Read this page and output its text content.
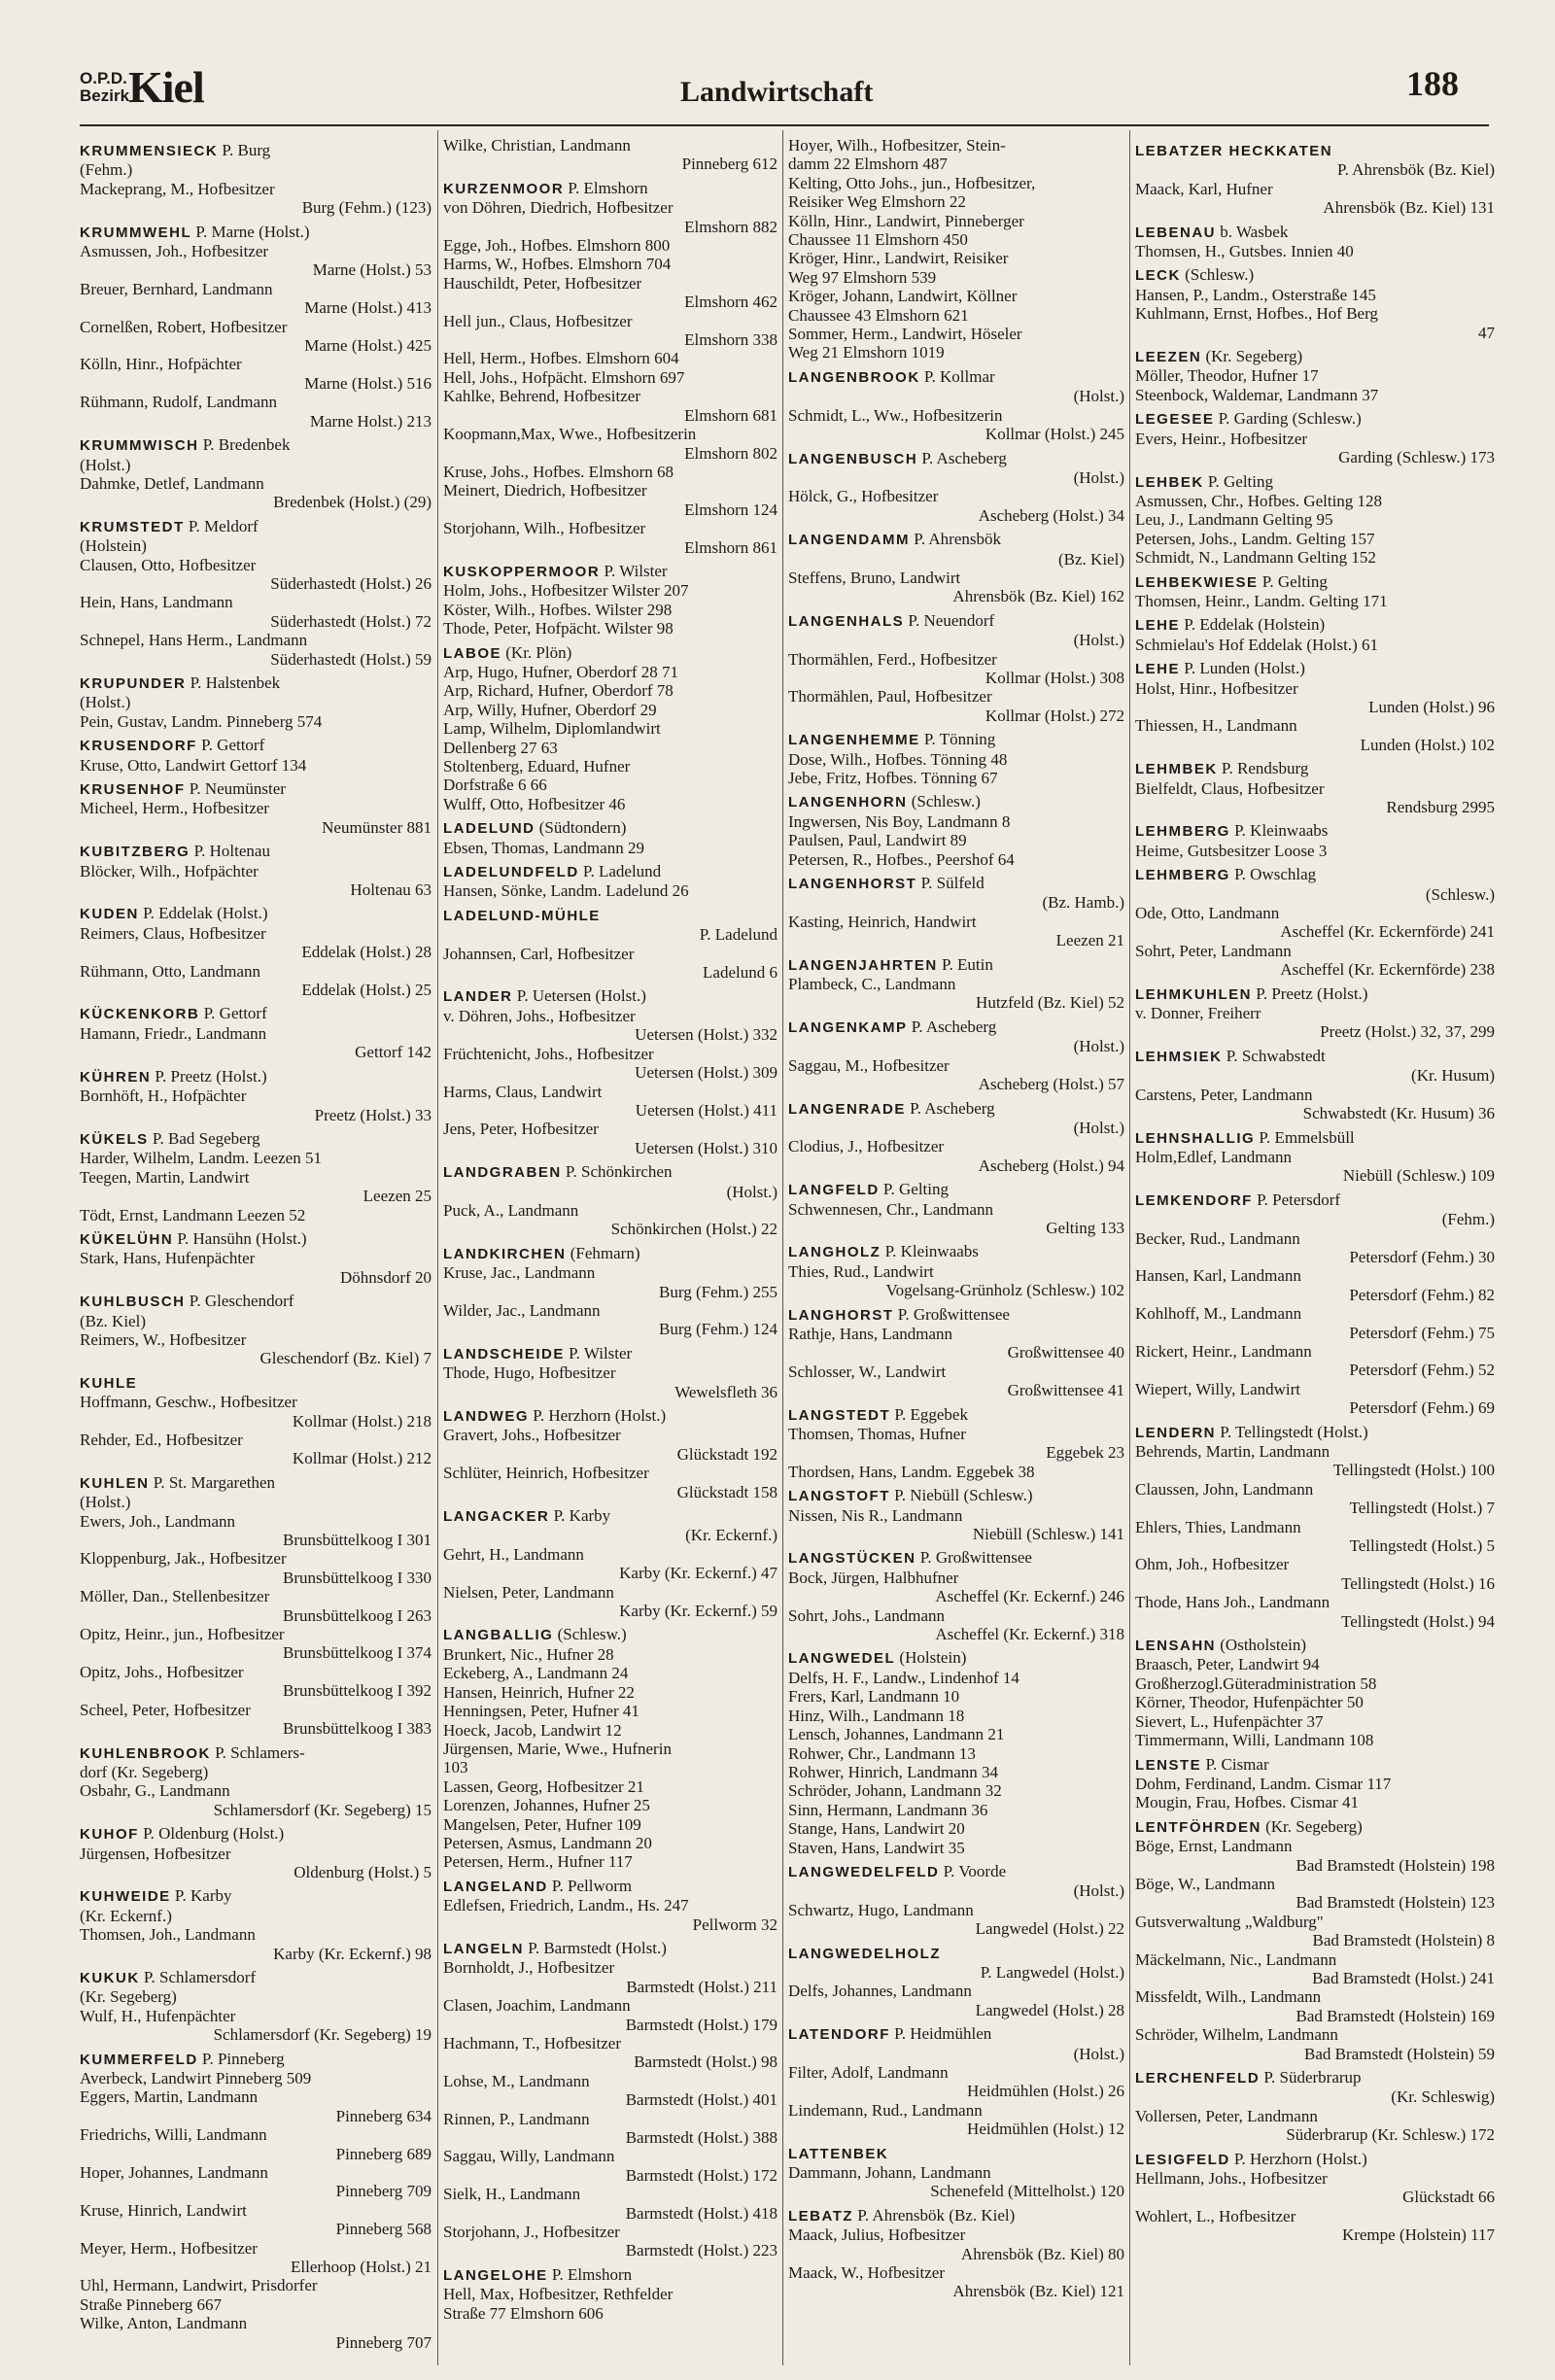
O.P.D.
Bezirk
Kiel	Landwirtschaft	188
KRUMMENSIECK P. Burg
(Fehm.)
Mackeprang, M., Hofbesitzer
Burg (Fehm.) (123)
KRUMMWEHL P. Marne (Holst.)
Asmussen, Joh., Hofbesitzer
Marne (Holst.) 53
Breuer, Bernhard, Landmann
Marne (Holst.) 413
Cornelßen, Robert, Hofbesitzer
Marne (Holst.) 425
Kölln, Hinr., Hofpächter
Marne (Holst.) 516
Rühmann, Rudolf, Landmann
Marne Holst.) 213
KRUMMWISCH P. Bredenbek
(Holst.)
Dahmke, Detlef, Landmann
Bredenbek (Holst.) (29)
KRUMSTEDT P. Meldorf
(Holstein)
Clausen, Otto, Hofbesitzer
Süderhastedt (Holst.) 26
Hein, Hans, Landmann
Süderhastedt (Holst.) 72
Schnepel, Hans Herm., Landmann
Süderhastedt (Holst.) 59
KRUPUNDER P. Halstenbek
(Holst.)
Pein, Gustav, Landm. Pinneberg 574
KRUSENDORF P. Gettorf
Kruse, Otto, Landwirt Gettorf 134
KRUSENHOF P. Neumünster
Micheel, Herm., Hofbesitzer
Neumünster 881
KUBITZBERG P. Holtenau
Blöcker, Wilh., Hofpächter
Holtenau 63
KUDEN P. Eddelak (Holst.)
Reimers, Claus, Hofbesitzer
Eddelak (Holst.) 28
Rühmann, Otto, Landmann
Eddelak (Holst.) 25
KÜCKENKORB P. Gettorf
Hamann, Friedr., Landmann
Gettorf 142
KÜHREN P. Preetz (Holst.)
Bornhöft, H., Hofpächter
Preetz (Holst.) 33
KÜKELS P. Bad Segeberg
Harder, Wilhelm, Landm. Leezen 51
Teegen, Martin, Landwirt
Leezen 25
Tödt, Ernst, Landmann Leezen 52
KÜKELÜHN P. Hansühn (Holst.)
Stark, Hans, Hufenpächter
Döhnsdorf 20
KUHLBUSCH P. Gleschendorf
(Bz. Kiel)
Reimers, W., Hofbesitzer
Gleschendorf (Bz. Kiel) 7
KUHLE
Hoffmann, Geschw., Hofbesitzer
Kollmar (Holst.) 218
Rehder, Ed., Hofbesitzer
Kollmar (Holst.) 212
KUHLEN P. St. Margarethen
(Holst.)
Ewers, Joh., Landmann
Brunsbüttelkoog I 301
Kloppenburg, Jak., Hofbesitzer
Brunsbüttelkoog I 330
Möller, Dan., Stellenbesitzer
Brunsbüttelkoog I 263
Opitz, Heinr., jun., Hofbesitzer
Brunsbüttelkoog I 374
Opitz, Johs., Hofbesitzer
Brunsbüttelkoog I 392
Scheel, Peter, Hofbesitzer
Brunsbüttelkoog I 383
KUHLENBROOK P. Schlamers-
dorf (Kr. Segeberg)
Osbahr, G., Landmann
Schlamersdorf (Kr. Segeberg) 15
KUHOF P. Oldenburg (Holst.)
Jürgensen, Hofbesitzer
Oldenburg (Holst.) 5
KUHWEIDE P. Karby
(Kr. Eckernf.)
Thomsen, Joh., Landmann
Karby (Kr. Eckernf.) 98
KUKUK P. Schlamersdorf
(Kr. Segeberg)
Wulf, H., Hufenpächter
Schlamersdorf (Kr. Segeberg) 19
KUMMERFELD P. Pinneberg
Averbeck, Landwirt Pinneberg 509
Eggers, Martin, Landmann
Pinneberg 634
Friedrichs, Willi, Landmann
Pinneberg 689
Hoper, Johannes, Landmann
Pinneberg 709
Kruse, Hinrich, Landwirt
Pinneberg 568
Meyer, Herm., Hofbesitzer
Ellerhoop (Holst.) 21
Uhl, Hermann, Landwirt, Prisdorfer
Straße Pinneberg 667
Wilke, Anton, Landmann
Pinneberg 707
Wilke, Christian, Landmann
Pinneberg 612
KURZENMOOR P. Elmshorn
von Döhren, Diedrich, Hofbesitzer
Elmshorn 882
Egge, Joh., Hofbes. Elmshorn 800
Harms, W., Hofbes. Elmshorn 704
Hauschildt, Peter, Hofbesitzer
Elmshorn 462
Hell jun., Claus, Hofbesitzer
Elmshorn 338
Hell, Herm., Hofbes. Elmshorn 604
Hell, Johs., Hofpächt. Elmshorn 697
Kahlke, Behrend, Hofbesitzer
Elmshorn 681
Koopmann,Max, Wwe., Hofbesitzerin
Elmshorn 802
Kruse, Johs., Hofbes. Elmshorn 68
Meinert, Diedrich, Hofbesitzer
Elmshorn 124
Storjohann, Wilh., Hofbesitzer
Elmshorn 861
KUSKOPPERMOOR P. Wilster
Holm, Johs., Hofbesitzer Wilster 207
Köster, Wilh., Hofbes. Wilster 298
Thode, Peter, Hofpächt. Wilster 98
LABOE (Kr. Plön)
Arp, Hugo, Hufner, Oberdorf 28 71
Arp, Richard, Hufner, Oberdorf 78
Arp, Willy, Hufner, Oberdorf 29
Lamp, Wilhelm, Diplomlandwirt
Dellenberg 27 63
Stoltenberg, Eduard, Hufner
Dorfstraße 6 66
Wulff, Otto, Hofbesitzer 46
LADELUND (Südtondern)
Ebsen, Thomas, Landmann 29
LADELUNDFELD P. Ladelund
Hansen, Sönke, Landm. Ladelund 26
LADELUND-MÜHLE
P. Ladelund
Johannsen, Carl, Hofbesitzer
Ladelund 6
LANDER P. Uetersen (Holst.)
v. Döhren, Johs., Hofbesitzer
Uetersen (Holst.) 332
Früchtenicht, Johs., Hofbesitzer
Uetersen (Holst.) 309
Harms, Claus, Landwirt
Uetersen (Holst.) 411
Jens, Peter, Hofbesitzer
Uetersen (Holst.) 310
LANDGRABEN P. Schönkirchen
(Holst.)
Puck, A., Landmann
Schönkirchen (Holst.) 22
LANDKIRCHEN (Fehmarn)
Kruse, Jac., Landmann
Burg (Fehm.) 255
Wilder, Jac., Landmann
Burg (Fehm.) 124
LANDSCHEIDE P. Wilster
Thode, Hugo, Hofbesitzer
Wewelsfleth 36
LANDWEG P. Herzhorn (Holst.)
Gravert, Johs., Hofbesitzer
Glückstadt 192
Schlüter, Heinrich, Hofbesitzer
Glückstadt 158
LANGACKER P. Karby
(Kr. Eckernf.)
Gehrt, H., Landmann
Karby (Kr. Eckernf.) 47
Nielsen, Peter, Landmann
Karby (Kr. Eckernf.) 59
LANGBALLIG (Schlesw.)
Brunkert, Nic., Hufner 28
Eckeberg, A., Landmann 24
Hansen, Heinrich, Hufner 22
Henningsen, Peter, Hufner 41
Hoeck, Jacob, Landwirt 12
Jürgensen, Marie, Wwe., Hufnerin
103
Lassen, Georg, Hofbesitzer 21
Lorenzen, Johannes, Hufner 25
Mangelsen, Peter, Hufner 109
Petersen, Asmus, Landmann 20
Petersen, Herm., Hufner 117
LANGELAND P. Pellworm
Edlefsen, Friedrich, Landm., Hs. 247
Pellworm 32
LANGELN P. Barmstedt (Holst.)
Bornholdt, J., Hofbesitzer
Barmstedt (Holst.) 211
Clasen, Joachim, Landmann
Barmstedt (Holst.) 179
Hachmann, T., Hofbesitzer
Barmstedt (Holst.) 98
Lohse, M., Landmann
Barmstedt (Holst.) 401
Rinnen, P., Landmann
Barmstedt (Holst.) 388
Saggau, Willy, Landmann
Barmstedt (Holst.) 172
Sielk, H., Landmann
Barmstedt (Holst.) 418
Storjohann, J., Hofbesitzer
Barmstedt (Holst.) 223
LANGELOHE P. Elmshorn
Hell, Max, Hofbesitzer, Rethfelder
Straße 77 Elmshorn 606
Hoyer, Wilh., Hofbesitzer, Stein-
damm 22 Elmshorn 487
Kelting, Otto Johs., jun., Hofbesitzer,
Reisiker Weg Elmshorn 22
Kölln, Hinr., Landwirt, Pinneberger
Chaussee 11 Elmshorn 450
Kröger, Hinr., Landwirt, Reisiker
Weg 97 Elmshorn 539
Kröger, Johann, Landwirt, Köllner
Chaussee 43 Elmshorn 621
Sommer, Herm., Landwirt, Höseler
Weg 21 Elmshorn 1019
LANGENBROOK P. Kollmar
(Holst.)
Schmidt, L., Ww., Hofbesitzerin
Kollmar (Holst.) 245
LANGENBUSCH P. Ascheberg
(Holst.)
Hölck, G., Hofbesitzer
Ascheberg (Holst.) 34
LANGENDAMM P. Ahrensbök
(Bz. Kiel)
Steffens, Bruno, Landwirt
Ahrensbök (Bz. Kiel) 162
LANGENHALS P. Neuendorf
(Holst.)
Thormählen, Ferd., Hofbesitzer
Kollmar (Holst.) 308
Thormählen, Paul, Hofbesitzer
Kollmar (Holst.) 272
LANGENHEMME P. Tönning
Dose, Wilh., Hofbes. Tönning 48
Jebe, Fritz, Hofbes. Tönning 67
LANGENHORN (Schlesw.)
Ingwersen, Nis Boy, Landmann 8
Paulsen, Paul, Landwirt 89
Petersen, R., Hofbes., Peershof 64
LANGENHORST P. Sülfeld
(Bz. Hamb.)
Kasting, Heinrich, Handwirt
Leezen 21
LANGENJAHRTEN P. Eutin
Plambeck, C., Landmann
Hutzfeld (Bz. Kiel) 52
LANGENKAMP P. Ascheberg
(Holst.)
Saggau, M., Hofbesitzer
Ascheberg (Holst.) 57
LANGENRADE P. Ascheberg
(Holst.)
Clodius, J., Hofbesitzer
Ascheberg (Holst.) 94
LANGFELD P. Gelting
Schwennesen, Chr., Landmann
Gelting 133
LANGHOLZ P. Kleinwaabs
Thies, Rud., Landwirt
Vogelsang-Grünholz (Schlesw.) 102
LANGHORST P. Großwittensee
Rathje, Hans, Landmann
Großwittensee 40
Schlosser, W., Landwirt
Großwittensee 41
LANGSTEDT P. Eggebek
Thomsen, Thomas, Hufner
Eggebek 23
Thordsen, Hans, Landm. Eggebek 38
LANGSTOFT P. Niebüll (Schlesw.)
Nissen, Nis R., Landmann
Niebüll (Schlesw.) 141
LANGSTÜCKEN P. Großwittensee
Bock, Jürgen, Halbhufner
Ascheffel (Kr. Eckernf.) 246
Sohrt, Johs., Landmann
Ascheffel (Kr. Eckernf.) 318
LANGWEDEL (Holstein)
Delfs, H. F., Landw., Lindenhof 14
Frers, Karl, Landmann 10
Hinz, Wilh., Landmann 18
Lensch, Johannes, Landmann 21
Rohwer, Chr., Landmann 13
Rohwer, Hinrich, Landmann 34
Schröder, Johann, Landmann 32
Sinn, Hermann, Landmann 36
Stange, Hans, Landwirt 20
Staven, Hans, Landwirt 35
LANGWEDELFELD P. Voorde
(Holst.)
Schwartz, Hugo, Landmann
Langwedel (Holst.) 22
LANGWEDELHOLZ
P. Langwedel (Holst.)
Delfs, Johannes, Landmann
Langwedel (Holst.) 28
LATENDORF P. Heidmühlen
(Holst.)
Filter, Adolf, Landmann
Heidmühlen (Holst.) 26
Lindemann, Rud., Landmann
Heidmühlen (Holst.) 12
LATTENBEK
Dammann, Johann, Landmann
Schenefeld (Mittelholst.) 120
LEBATZ P. Ahrensbök (Bz. Kiel)
Maack, Julius, Hofbesitzer
Ahrensbök (Bz. Kiel) 80
Maack, W., Hofbesitzer
Ahrensbök (Bz. Kiel) 121
LEBATZER HECKKATEN
P. Ahrensbök (Bz. Kiel)
Maack, Karl, Hufner
Ahrensbök (Bz. Kiel) 131
LEBENAU b. Wasbek
Thomsen, H., Gutsbes. Innien 40
LECK (Schlesw.)
Hansen, P., Landm., Osterstraße 145
Kuhlmann, Ernst, Hofbes., Hof Berg
47
LEEZEN (Kr. Segeberg)
Möller, Theodor, Hufner 17
Steenbock, Waldemar, Landmann 37
LEGESEE P. Garding (Schlesw.)
Evers, Heinr., Hofbesitzer
Garding (Schlesw.) 173
LEHBEK P. Gelting
Asmussen, Chr., Hofbes. Gelting 128
Leu, J., Landmann Gelting 95
Petersen, Johs., Landm. Gelting 157
Schmidt, N., Landmann Gelting 152
LEHBEKWIESE P. Gelting
Thomsen, Heinr., Landm. Gelting 171
LEHE P. Eddelak (Holstein)
Schmielau's Hof Eddelak (Holst.) 61
LEHE P. Lunden (Holst.)
Holst, Hinr., Hofbesitzer
Lunden (Holst.) 96
Thiessen, H., Landmann
Lunden (Holst.) 102
LEHMBEK P. Rendsburg
Bielfeldt, Claus, Hofbesitzer
Rendsburg 2995
LEHMBERG P. Kleinwaabs
Heime, Gutsbesitzer Loose 3
LEHMBERG P. Owschlag
(Schlesw.)
Ode, Otto, Landmann
Ascheffel (Kr. Eckernförde) 241
Sohrt, Peter, Landmann
Ascheffel (Kr. Eckernförde) 238
LEHMKUHLEN P. Preetz (Holst.)
v. Donner, Freiherr
Preetz (Holst.) 32, 37, 299
LEHMSIEK P. Schwabstedt
(Kr. Husum)
Carstens, Peter, Landmann
Schwabstedt (Kr. Husum) 36
LEHNSHALLIG P. Emmelsbüll
Holm,Edlef, Landmann
Niebüll (Schlesw.) 109
LEMKENDORF P. Petersdorf
(Fehm.)
Becker, Rud., Landmann
Petersdorf (Fehm.) 30
Hansen, Karl, Landmann
Petersdorf (Fehm.) 82
Kohlhoff, M., Landmann
Petersdorf (Fehm.) 75
Rickert, Heinr., Landmann
Petersdorf (Fehm.) 52
Wiepert, Willy, Landwirt
Petersdorf (Fehm.) 69
LENDERN P. Tellingstedt (Holst.)
Behrends, Martin, Landmann
Tellingstedt (Holst.) 100
Claussen, John, Landmann
Tellingstedt (Holst.) 7
Ehlers, Thies, Landmann
Tellingstedt (Holst.) 5
Ohm, Joh., Hofbesitzer
Tellingstedt (Holst.) 16
Thode, Hans Joh., Landmann
Tellingstedt (Holst.) 94
LENSAHN (Ostholstein)
Braasch, Peter, Landwirt 94
Großherzogl.Güteradministration 58
Körner, Theodor, Hufenpächter 50
Sievert, L., Hufenpächter 37
Timmermann, Willi, Landmann 108
LENSTE P. Cismar
Dohm, Ferdinand, Landm. Cismar 117
Mougin, Frau, Hofbes. Cismar 41
LENTFÖHRDEN (Kr. Segeberg)
Böge, Ernst, Landmann
Bad Bramstedt (Holstein) 198
Böge, W., Landmann
Bad Bramstedt (Holstein) 123
Gutsverwaltung „Waldburg"
Bad Bramstedt (Holstein) 8
Mäckelmann, Nic., Landmann
Bad Bramstedt (Holst.) 241
Missfeldt, Wilh., Landmann
Bad Bramstedt (Holstein) 169
Schröder, Wilhelm, Landmann
Bad Bramstedt (Holstein) 59
LERCHENFELD P. Süderbrarup
(Kr. Schleswig)
Vollersen, Peter, Landmann
Süderbrarup (Kr. Schlesw.) 172
LESIGFELD P. Herzhorn (Holst.)
Hellmann, Johs., Hofbesitzer
Glückstadt 66
Wohlert, L., Hofbesitzer
Krempe (Holstein) 117
